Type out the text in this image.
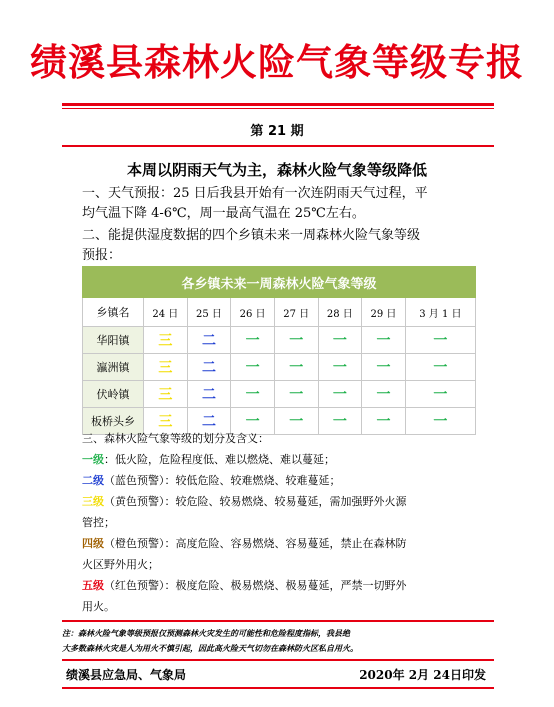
绩溪县森林火险气象等级专报
第 21 期
本周以阴雨天气为主，森林火险气象等级降低
一、天气预报：25 日后我县开始有一次连阴雨天气过程，平
均气温下降 4-6℃，周一最高气温在 25℃左右。
二、能提供湿度数据的四个乡镇未来一周森林火险气象等级
预报：
各乡镇未来一周森林火险气象等级							
乡镇名	24 日	25 日	26 日	27 日	28 日	29 日	3 月 1 日
华阳镇	三	二	一	一	一	一	一
瀛洲镇	三	二	一	一	一	一	一
伏岭镇	三	二	一	一	一	一	一
板桥头乡	三	二	一	一	一	一	一
三、森林火险气象等级的划分及含义：
一级：低火险，危险程度低、难以燃烧、难以蔓延；
二级（蓝色预警）：较低危险、较难燃烧、较难蔓延；
三级（黄色预警）：较危险、较易燃烧、较易蔓延，需加强野外火源
管控；
四级（橙色预警）：高度危险、容易燃烧、容易蔓延，禁止在森林防
火区野外用火；
五级（红色预警）：极度危险、极易燃烧、极易蔓延，严禁一切野外
用火。
注：森林火险气象等级预报仅预测森林火灾发生的可能性和危险程度指标，我县绝
大多数森林火灾是人为用火不慎引起，因此高火险天气切勿在森林防火区私自用火。
绩溪县应急局、气象局	2020年 2月 24日印发
